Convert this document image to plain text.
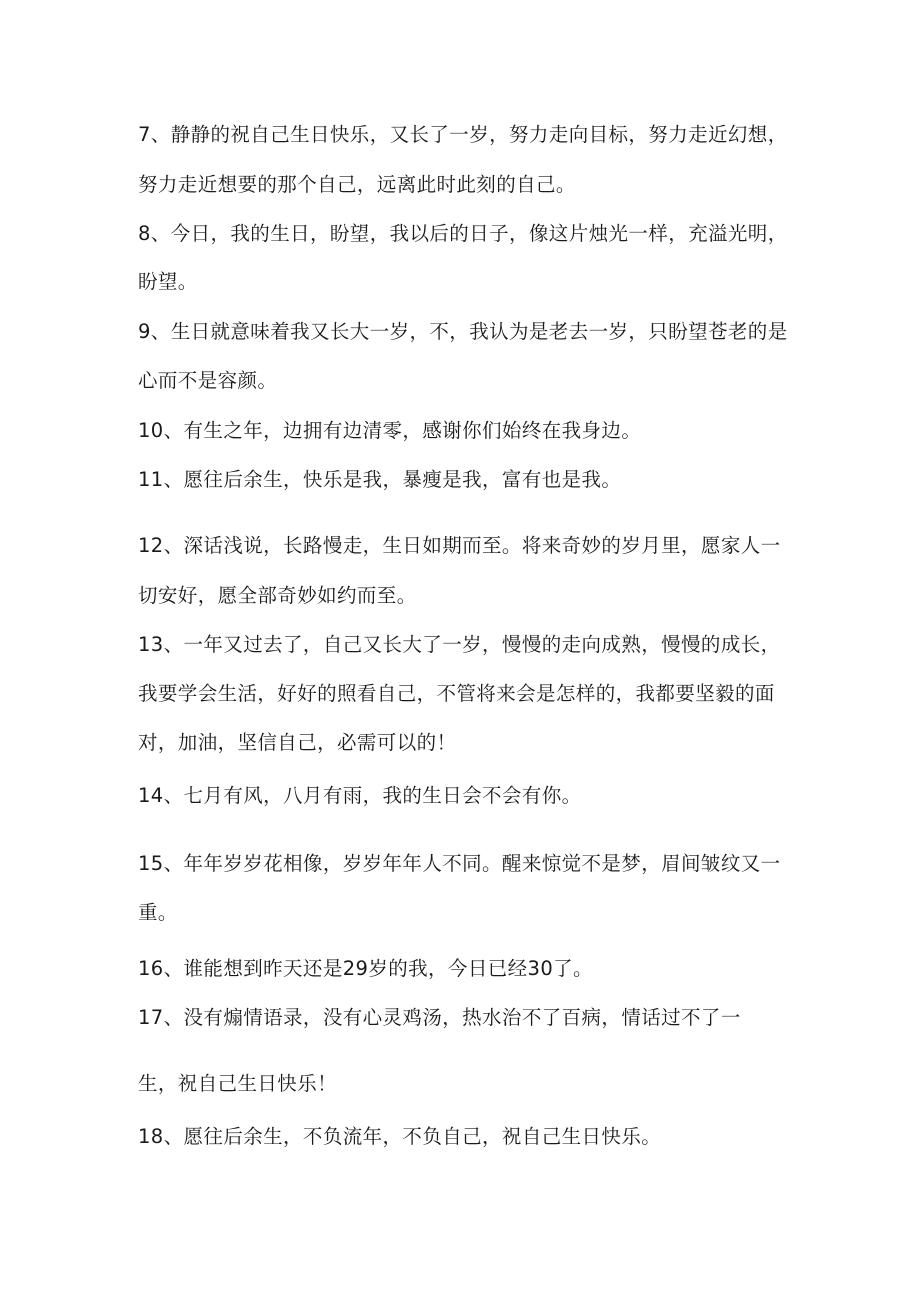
7、静静的祝自己生日快乐，又长了一岁，努力走向目标，努力走近幻想，
努力走近想要的那个自己，远离此时此刻的自己。
8、今日，我的生日，盼望，我以后的日子，像这片烛光一样，充溢光明，
盼望。
9、生日就意味着我又长大一岁，不，我认为是老去一岁，只盼望苍老的是
心而不是容颜。
10、有生之年，边拥有边清零，感谢你们始终在我身边。
11、愿往后余生，快乐是我，暴瘦是我，富有也是我。
12、深话浅说，长路慢走，生日如期而至。将来奇妙的岁月里，愿家人一
切安好，愿全部奇妙如约而至。
13、一年又过去了，自己又长大了一岁，慢慢的走向成熟，慢慢的成长，
我要学会生活，好好的照看自己，不管将来会是怎样的，我都要坚毅的面
对，加油，坚信自己，必需可以的！
14、七月有风，八月有雨，我的生日会不会有你。
15、年年岁岁花相像，岁岁年年人不同。醒来惊觉不是梦，眉间皱纹又一
重。
16、谁能想到昨天还是29岁的我，今日已经30了。
17、没有煽情语录，没有心灵鸡汤，热水治不了百病，情话过不了一
生，祝自己生日快乐！
18、愿往后余生，不负流年，不负自己，祝自己生日快乐。
